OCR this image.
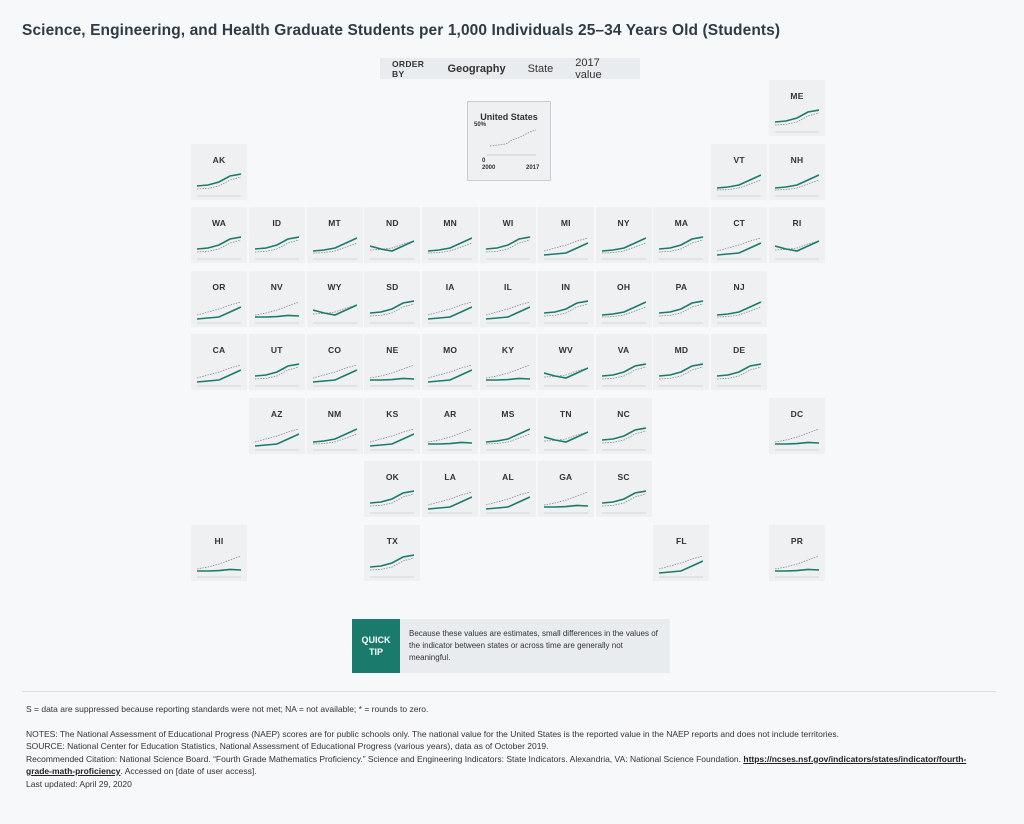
Science, Engineering, and Health Graduate Students per 1,000 Individuals 25–34 Years Old (Students)
ORDER BY	Geography State 2017 value
United States
50%
0
2000	2017
ME
AK	VT	NH
WA	ID	MT	ND	MN	WI	MI	NY	MA	CT	RI
OR	NV	WY	SD	IA	IL	IN	OH	PA	NJ
CA	UT	CO	NE	MO	KY	WV	VA	MD	DE
AZ	NM	KS	AR	MS	TN	NC	DC
OK	LA	AL	GA	SC
HI	TX	FL	PR
QUICK TIP
Because these values are estimates, small differences in the values of the indicator between states or across time are generally not meaningful.

S = data are suppressed because reporting standards were not met; NA = not available; * = rounds to zero.

NOTES: The National Assessment of Educational Progress (NAEP) scores are for public schools only. The national value for the United States is the reported value in the NAEP reports and does not include territories.

SOURCE: National Center for Education Statistics, National Assessment of Educational Progress (various years), data as of October 2019.

Recommended Citation: National Science Board. “Fourth Grade Mathematics Proficiency.” Science and Engineering Indicators: State Indicators. Alexandria, VA: National Science Foundation. https://ncses.nsf.gov/indicators/states/indicator/fourth-grade-math-proficiency. Accessed on [date of user access].

Last updated: April 29, 2020
